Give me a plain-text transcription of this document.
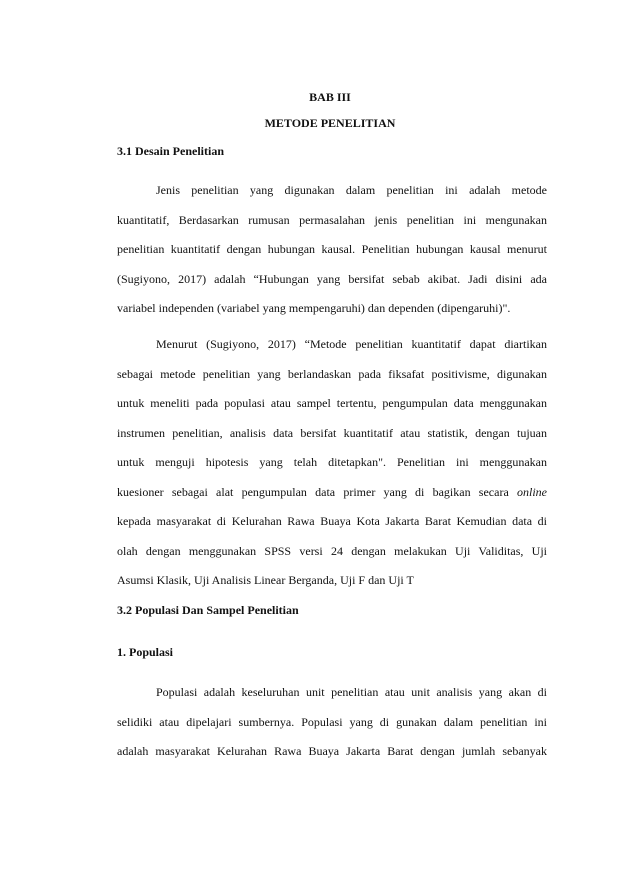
BAB III
METODE PENELITIAN
3.1 Desain Penelitian
Jenis penelitian yang digunakan dalam penelitian ini adalah metode
kuantitatif, Berdasarkan rumusan permasalahan jenis penelitian ini mengunakan
penelitian kuantitatif dengan hubungan kausal. Penelitian hubungan kausal menurut
(Sugiyono, 2017) adalah “Hubungan yang bersifat sebab akibat. Jadi disini ada
variabel independen (variabel yang mempengaruhi) dan dependen (dipengaruhi)".
Menurut (Sugiyono, 2017) “Metode penelitian kuantitatif dapat diartikan
sebagai metode penelitian yang berlandaskan pada fiksafat positivisme, digunakan
untuk meneliti pada populasi atau sampel tertentu, pengumpulan data menggunakan
instrumen penelitian, analisis data bersifat kuantitatif atau statistik, dengan tujuan
untuk menguji hipotesis yang telah ditetapkan". Penelitian ini menggunakan
kuesioner sebagai alat pengumpulan data primer yang di bagikan secara online
kepada masyarakat di Kelurahan Rawa Buaya Kota Jakarta Barat Kemudian data di
olah dengan menggunakan SPSS versi 24 dengan melakukan Uji Validitas, Uji
Asumsi Klasik, Uji Analisis Linear Berganda, Uji F dan Uji T
3.2 Populasi Dan Sampel Penelitian
1. Populasi
Populasi adalah keseluruhan unit penelitian atau unit analisis yang akan di
selidiki atau dipelajari sumbernya. Populasi yang di gunakan dalam penelitian ini
adalah masyarakat Kelurahan Rawa Buaya Jakarta Barat dengan jumlah sebanyak
